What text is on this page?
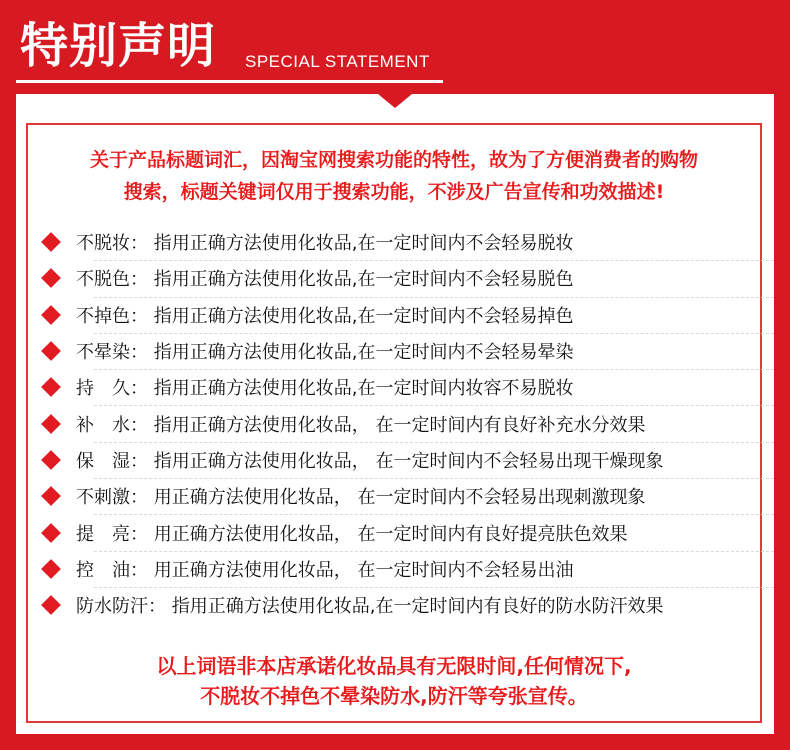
特别声明 SPECIAL STATEMENT
关于产品标题词汇，因淘宝网搜索功能的特性，故为了方便消费者的购物
搜索，标题关键词仅用于搜索功能，不涉及广告宣传和功效描述!
不脱妆： 指用正确方法使用化妆品,在一定时间内不会轻易脱妆
不脱色： 指用正确方法使用化妆品,在一定时间内不会轻易脱色
不掉色： 指用正确方法使用化妆品,在一定时间内不会轻易掉色
不晕染： 指用正确方法使用化妆品,在一定时间内不会轻易晕染
持　久： 指用正确方法使用化妆品,在一定时间内妆容不易脱妆
补　水： 指用正确方法使用化妆品， 在一定时间内有良好补充水分效果
保　湿： 指用正确方法使用化妆品， 在一定时间内不会轻易出现干燥现象
不刺激： 用正确方法使用化妆品， 在一定时间内不会轻易出现刺激现象
提　亮： 用正确方法使用化妆品， 在一定时间内有良好提亮肤色效果
控　油： 用正确方法使用化妆品， 在一定时间内不会轻易出油
防水防汗： 指用正确方法使用化妆品,在一定时间内有良好的防水防汗效果
以上词语非本店承诺化妆品具有无限时间,任何情况下,
不脱妆不掉色不晕染防水,防汗等夸张宣传。
